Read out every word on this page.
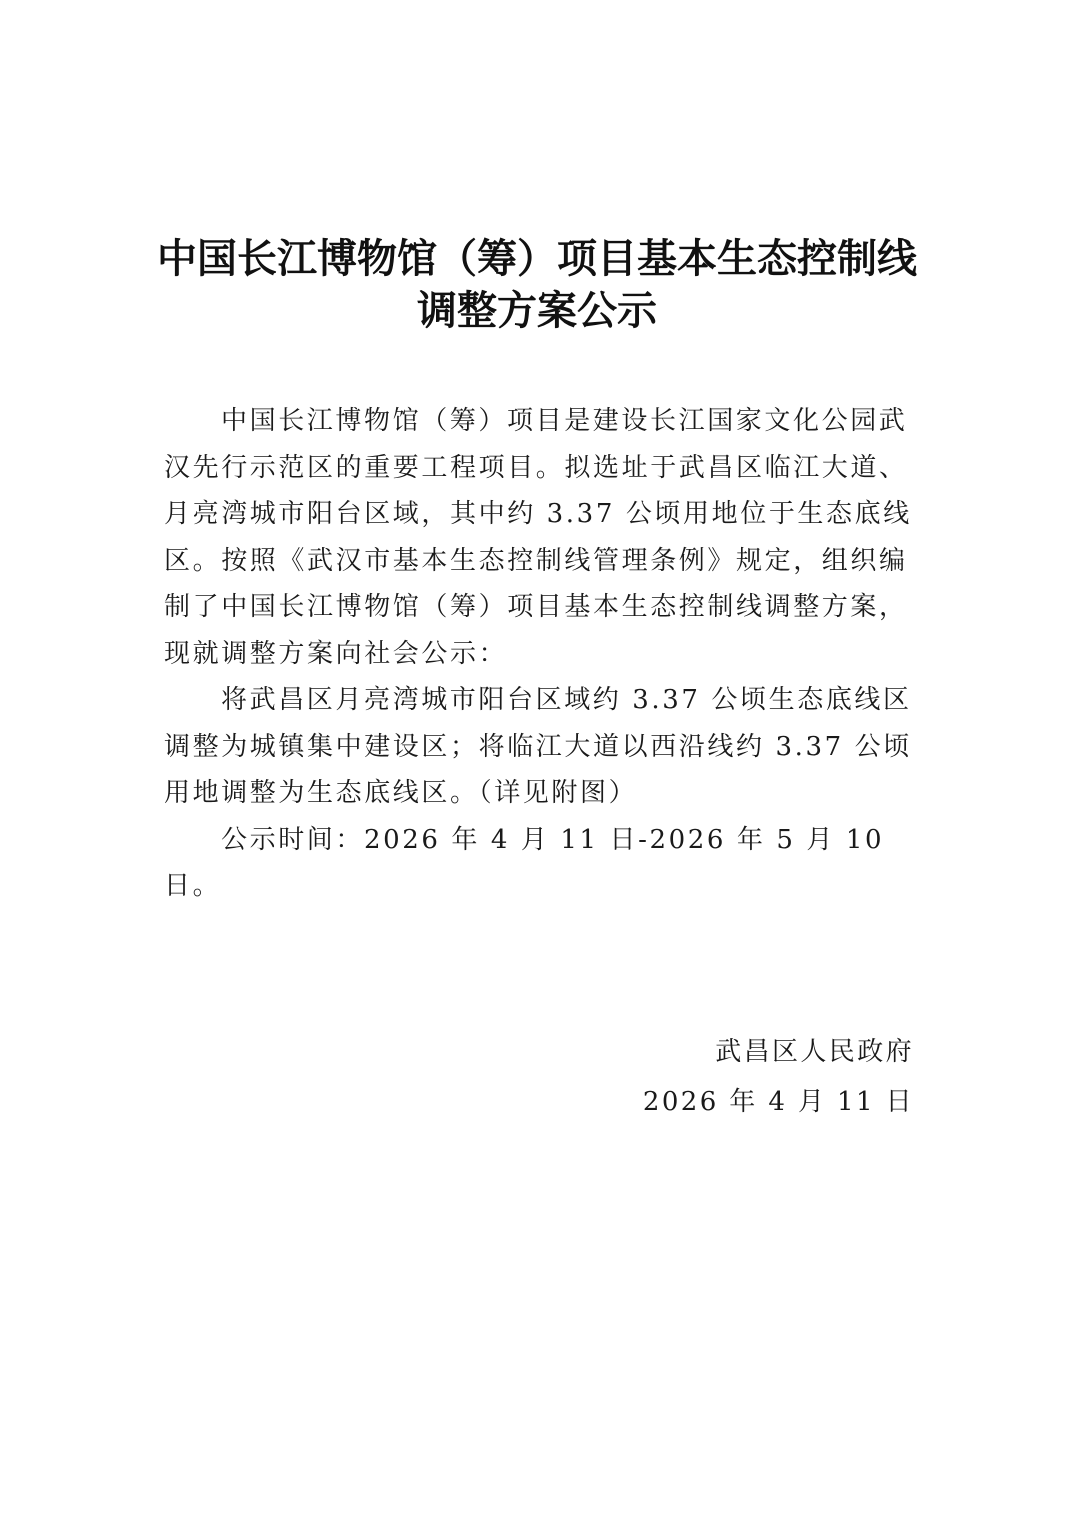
中国长江博物馆（筹）项目基本生态控制线
调整方案公示
中国长江博物馆（筹）项目是建设长江国家文化公园武 汉先行示范区的重要工程项目。拟选址于武昌区临江大道、 月亮湾城市阳台区域，其中约 3.37 公顷用地位于生态底线 区。按照《武汉市基本生态控制线管理条例》规定，组织编 制了中国长江博物馆（筹）项目基本生态控制线调整方案， 现就调整方案向社会公示：
将武昌区月亮湾城市阳台区域约 3.37 公顷生态底线区 调整为城镇集中建设区；将临江大道以西沿线约 3.37 公顷 用地调整为生态底线区。（详见附图）
公示时间：2026 年 4 月 11 日-2026 年 5 月 10 日。

武昌区人民政府

2026 年 4 月 11 日
